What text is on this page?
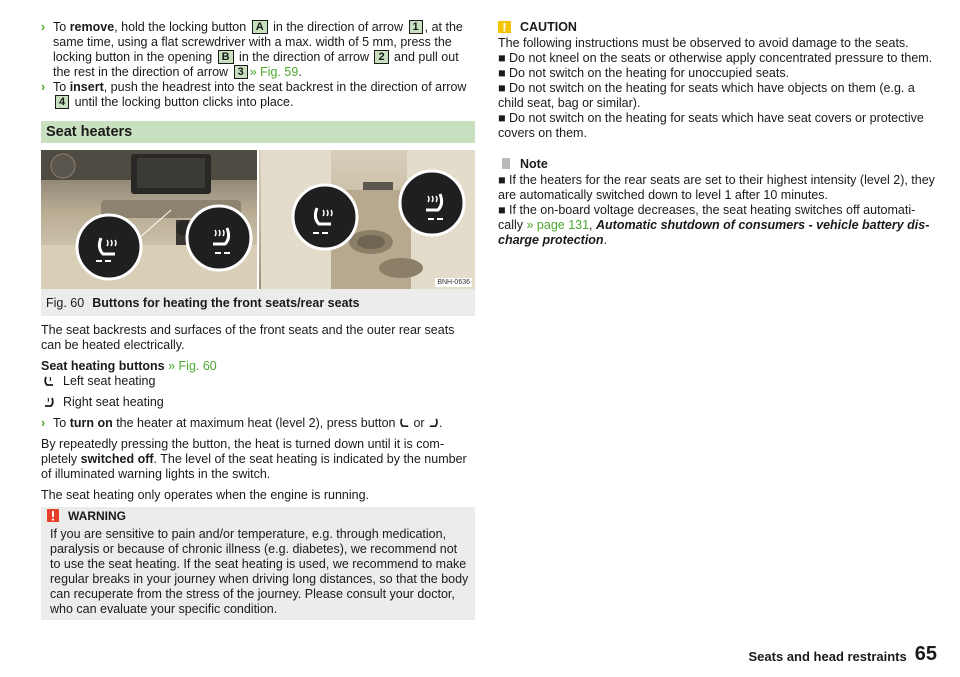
› To remove, hold the locking button A in the direction of arrow 1 , at the same time, using a flat screwdriver with a max. width of 5 mm, press the locking button in the opening B in the direction of arrow 2 and pull out the rest in the direction of arrow 3 » Fig. 59.

› To insert, push the headrest into the seat backrest in the direction of arrow 4 until the locking button clicks into place.

Seat heaters
BNH-0636
Fig. 60 Buttons for heating the front seats/rear seats

The seat backrests and surfaces of the front seats and the outer rear seats can be heated electrically.

Seat heating buttons » Fig. 60

Left seat heating

Right seat heating

› To turn on the heater at maximum heat (level 2), press button  or .

By repeatedly pressing the button, the heat is turned down until it is com-pletely switched off. The level of the seat heating is indicated by the number of illuminated warning lights in the switch.

The seat heating only operates when the engine is running.

WARNING
If you are sensitive to pain and/or temperature, e.g. through medication, paralysis or because of chronic illness (e.g. diabetes), we recommend not to use the seat heating. If the seat heating is used, we recommend to make regular breaks in your journey when driving long distances, so that the body can recuperate from the stress of the journey. Please consult your doctor, who can evaluate your specific condition.
CAUTION

The following instructions must be observed to avoid damage to the seats.

■ Do not kneel on the seats or otherwise apply concentrated pressure to them.

■ Do not switch on the heating for unoccupied seats.

■ Do not switch on the heating for seats which have objects on them (e.g. a child seat, bag or similar).

■ Do not switch on the heating for seats which have seat covers or protective covers on them.

Note

■ If the heaters for the rear seats are set to their highest intensity (level 2), they are automatically switched down to level 1 after 10 minutes.

■ If the on-board voltage decreases, the seat heating switches off automati-cally » page 131, Automatic shutdown of consumers - vehicle battery dis-charge protection.

Seats and head restraints 65
